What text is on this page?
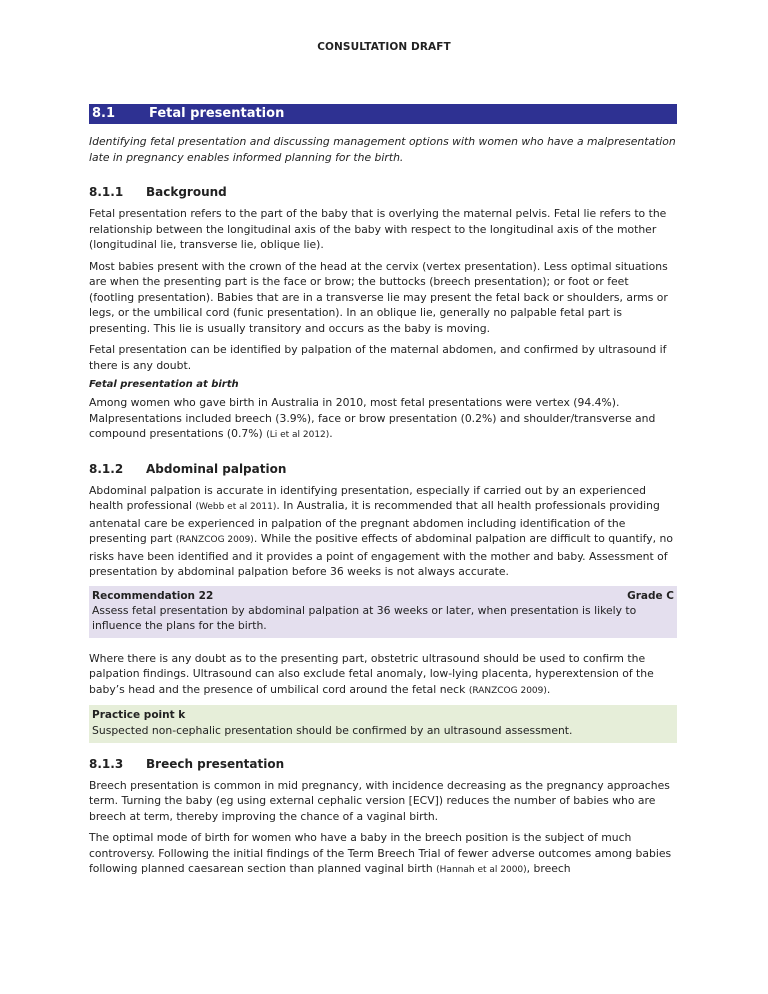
CONSULTATION DRAFT
8.1	Fetal presentation

Identifying fetal presentation and discussing management options with women who have a malpresentation late in pregnancy enables informed planning for the birth.

8.1.1 Background

Fetal presentation refers to the part of the baby that is overlying the maternal pelvis. Fetal lie refers to the relationship between the longitudinal axis of the baby with respect to the longitudinal axis of the mother (longitudinal lie, transverse lie, oblique lie).

Most babies present with the crown of the head at the cervix (vertex presentation). Less optimal situations are when the presenting part is the face or brow; the buttocks (breech presentation); or foot or feet (footling presentation). Babies that are in a transverse lie may present the fetal back or shoulders, arms or legs, or the umbilical cord (funic presentation). In an oblique lie, generally no palpable fetal part is presenting. This lie is usually transitory and occurs as the baby is moving.

Fetal presentation can be identified by palpation of the maternal abdomen, and confirmed by ultrasound if there is any doubt.

Fetal presentation at birth

Among women who gave birth in Australia in 2010, most fetal presentations were vertex (94.4%). Malpresentations included breech (3.9%), face or brow presentation (0.2%) and shoulder/transverse and compound presentations (0.7%) (Li et al 2012).

8.1.2 Abdominal palpation

Abdominal palpation is accurate in identifying presentation, especially if carried out by an experienced health professional (Webb et al 2011). In Australia, it is recommended that all health professionals providing antenatal care be experienced in palpation of the pregnant abdomen including identification of the presenting part (RANZCOG 2009). While the positive effects of abdominal palpation are difficult to quantify, no risks have been identified and it provides a point of engagement with the mother and baby. Assessment of presentation by abdominal palpation before 36 weeks is not always accurate.

Recommendation 22	Grade C

Assess fetal presentation by abdominal palpation at 36 weeks or later, when presentation is likely to influence the plans for the birth.

Where there is any doubt as to the presenting part, obstetric ultrasound should be used to confirm the palpation findings. Ultrasound can also exclude fetal anomaly, low-lying placenta, hyperextension of the baby’s head and the presence of umbilical cord around the fetal neck (RANZCOG 2009).

Practice point k

Suspected non-cephalic presentation should be confirmed by an ultrasound assessment.

8.1.3 Breech presentation

Breech presentation is common in mid pregnancy, with incidence decreasing as the pregnancy approaches term. Turning the baby (eg using external cephalic version [ECV]) reduces the number of babies who are breech at term, thereby improving the chance of a vaginal birth.

The optimal mode of birth for women who have a baby in the breech position is the subject of much controversy. Following the initial findings of the Term Breech Trial of fewer adverse outcomes among babies following planned caesarean section than planned vaginal birth (Hannah et al 2000), breech
